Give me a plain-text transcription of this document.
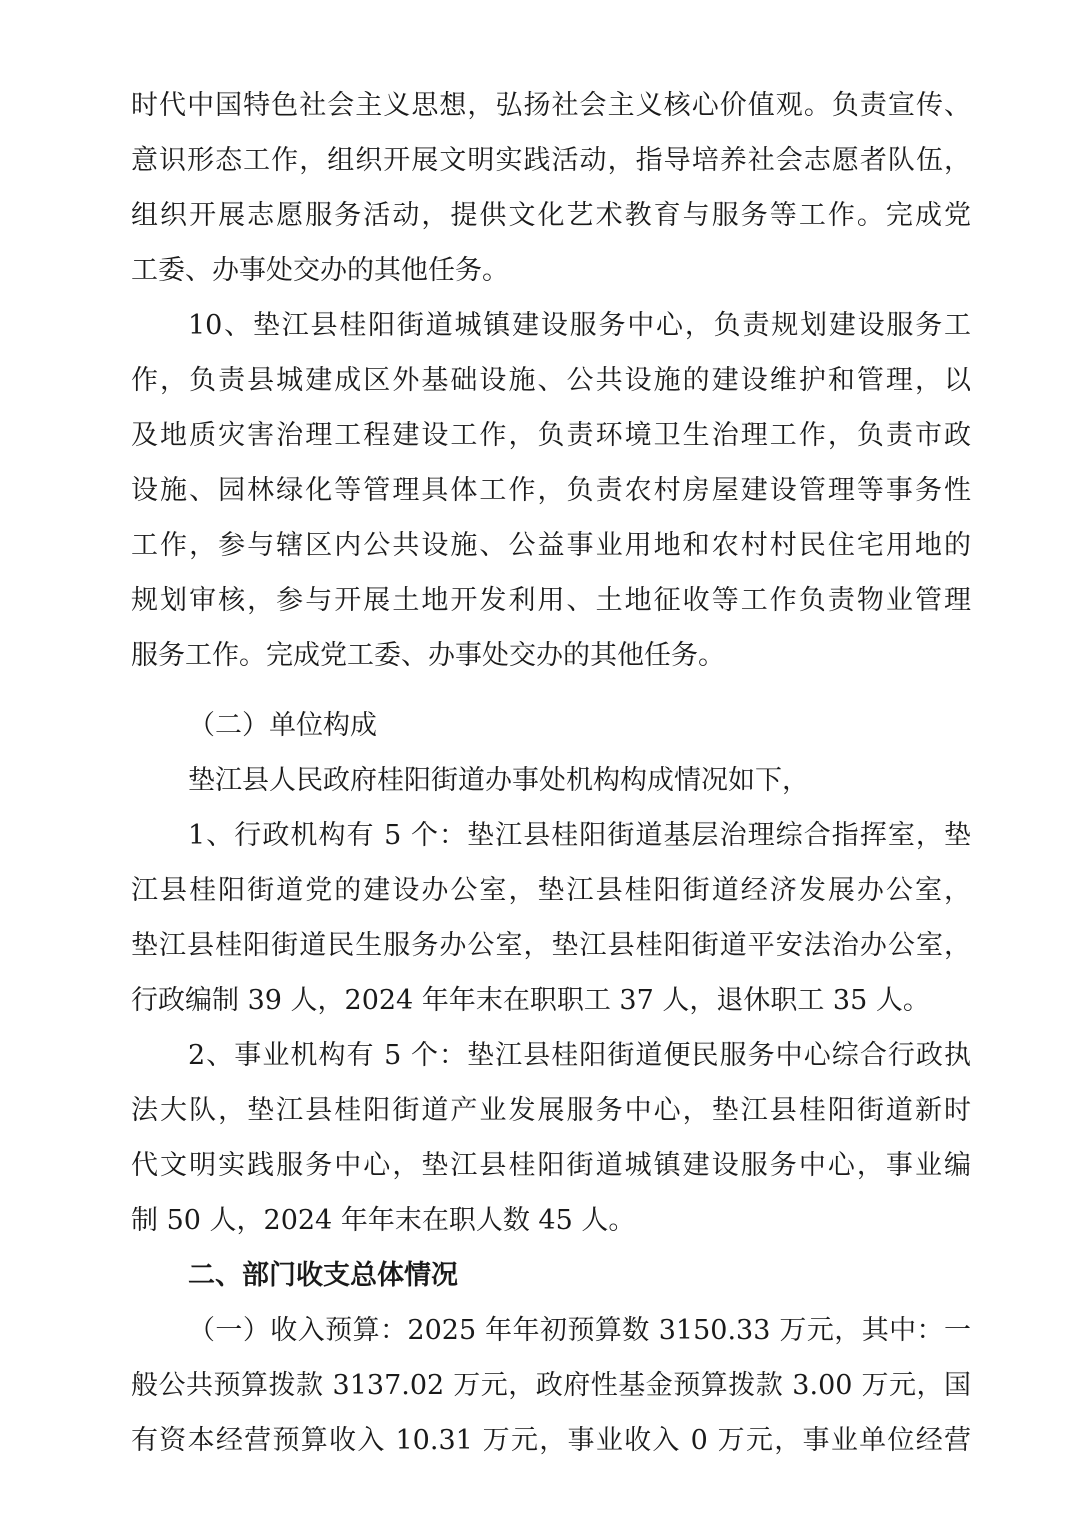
时代中国特色社会主义思想，弘扬社会主义核心价值观。负责宣传、
意识形态工作，组织开展文明实践活动，指导培养社会志愿者队伍，
组织开展志愿服务活动，提供文化艺术教育与服务等工作。完成党
工委、办事处交办的其他任务。
10、垫江县桂阳街道城镇建设服务中心，负责规划建设服务工
作，负责县城建成区外基础设施、公共设施的建设维护和管理，以
及地质灾害治理工程建设工作，负责环境卫生治理工作，负责市政
设施、园林绿化等管理具体工作，负责农村房屋建设管理等事务性
工作，参与辖区内公共设施、公益事业用地和农村村民住宅用地的
规划审核，参与开展土地开发利用、土地征收等工作负责物业管理
服务工作。完成党工委、办事处交办的其他任务。
（二）单位构成
垫江县人民政府桂阳街道办事处机构构成情况如下，
1、行政机构有 5 个：垫江县桂阳街道基层治理综合指挥室，垫
江县桂阳街道党的建设办公室，垫江县桂阳街道经济发展办公室，
垫江县桂阳街道民生服务办公室，垫江县桂阳街道平安法治办公室，
行政编制 39 人，2024 年年末在职职工 37 人，退休职工 35 人。
2、事业机构有 5 个：垫江县桂阳街道便民服务中心综合行政执
法大队，垫江县桂阳街道产业发展服务中心，垫江县桂阳街道新时
代文明实践服务中心，垫江县桂阳街道城镇建设服务中心，事业编
制 50 人，2024 年年末在职人数 45 人。
二、部门收支总体情况
（一）收入预算：2025 年年初预算数 3150.33 万元，其中：一
般公共预算拨款 3137.02 万元，政府性基金预算拨款 3.00 万元，国
有资本经营预算收入 10.31 万元，事业收入 0 万元，事业单位经营
